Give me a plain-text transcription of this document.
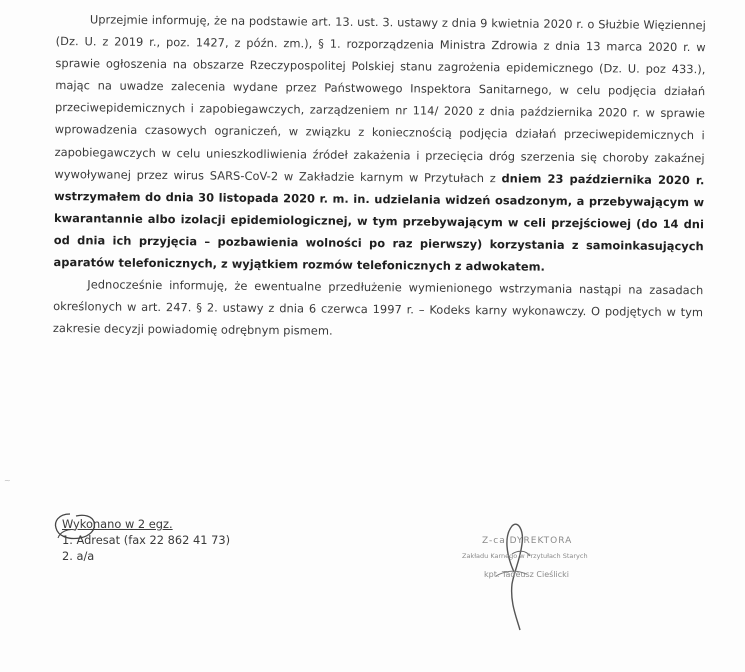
Uprzejmie informuję, że na podstawie art. 13. ust. 3. ustawy z dnia 9 kwietnia 2020 r. o Służbie Więziennej (Dz. U. z 2019 r., poz. 1427, z późn. zm.), § 1. rozporządzenia Ministra Zdrowia z dnia 13 marca 2020 r. w sprawie ogłoszenia na obszarze Rzeczypospolitej Polskiej stanu zagrożenia epidemicznego (Dz. U. poz 433.), mając na uwadze zalecenia wydane przez Państwowego Inspektora Sanitarnego, w celu podjęcia działań przeciwepidemicznych i zapobiegawczych, zarządzeniem nr 114/ 2020 z dnia października 2020 r. w sprawie wprowadzenia czasowych ograniczeń, w związku z koniecznością podjęcia działań przeciwepidemicznych i zapobiegawczych w celu unieszkodliwienia źródeł zakażenia i przecięcia dróg szerzenia się choroby zakaźnej wywoływanej przez wirus SARS-CoV-2 w Zakładzie karnym w Przytułach z dniem 23 października 2020 r. wstrzymałem do dnia 30 listopada 2020 r. m. in. udzielania widzeń osadzonym, a przebywającym w kwarantannie albo izolacji epidemiologicznej, w tym przebywającym w celi przejściowej (do 14 dni od dnia ich przyjęcia – pozbawienia wolności po raz pierwszy) korzystania z samoinkasujących aparatów telefonicznych, z wyjątkiem rozmów telefonicznych z adwokatem.

Jednocześnie informuję, że ewentualne przedłużenie wymienionego wstrzymania nastąpi na zasadach określonych w art. 247. § 2. ustawy z dnia 6 czerwca 1997 r. – Kodeks karny wykonawczy. O podjętych w tym zakresie decyzji powiadomię odrębnym pismem.

~

Wykonano w 2 egz.

1. Adresat (fax 22 862 41 73)

2. a/a

Z-ca DYREKTORA
Zakładu Karnego w Przytułach Starych
kpt. Tadeusz Cieślicki
